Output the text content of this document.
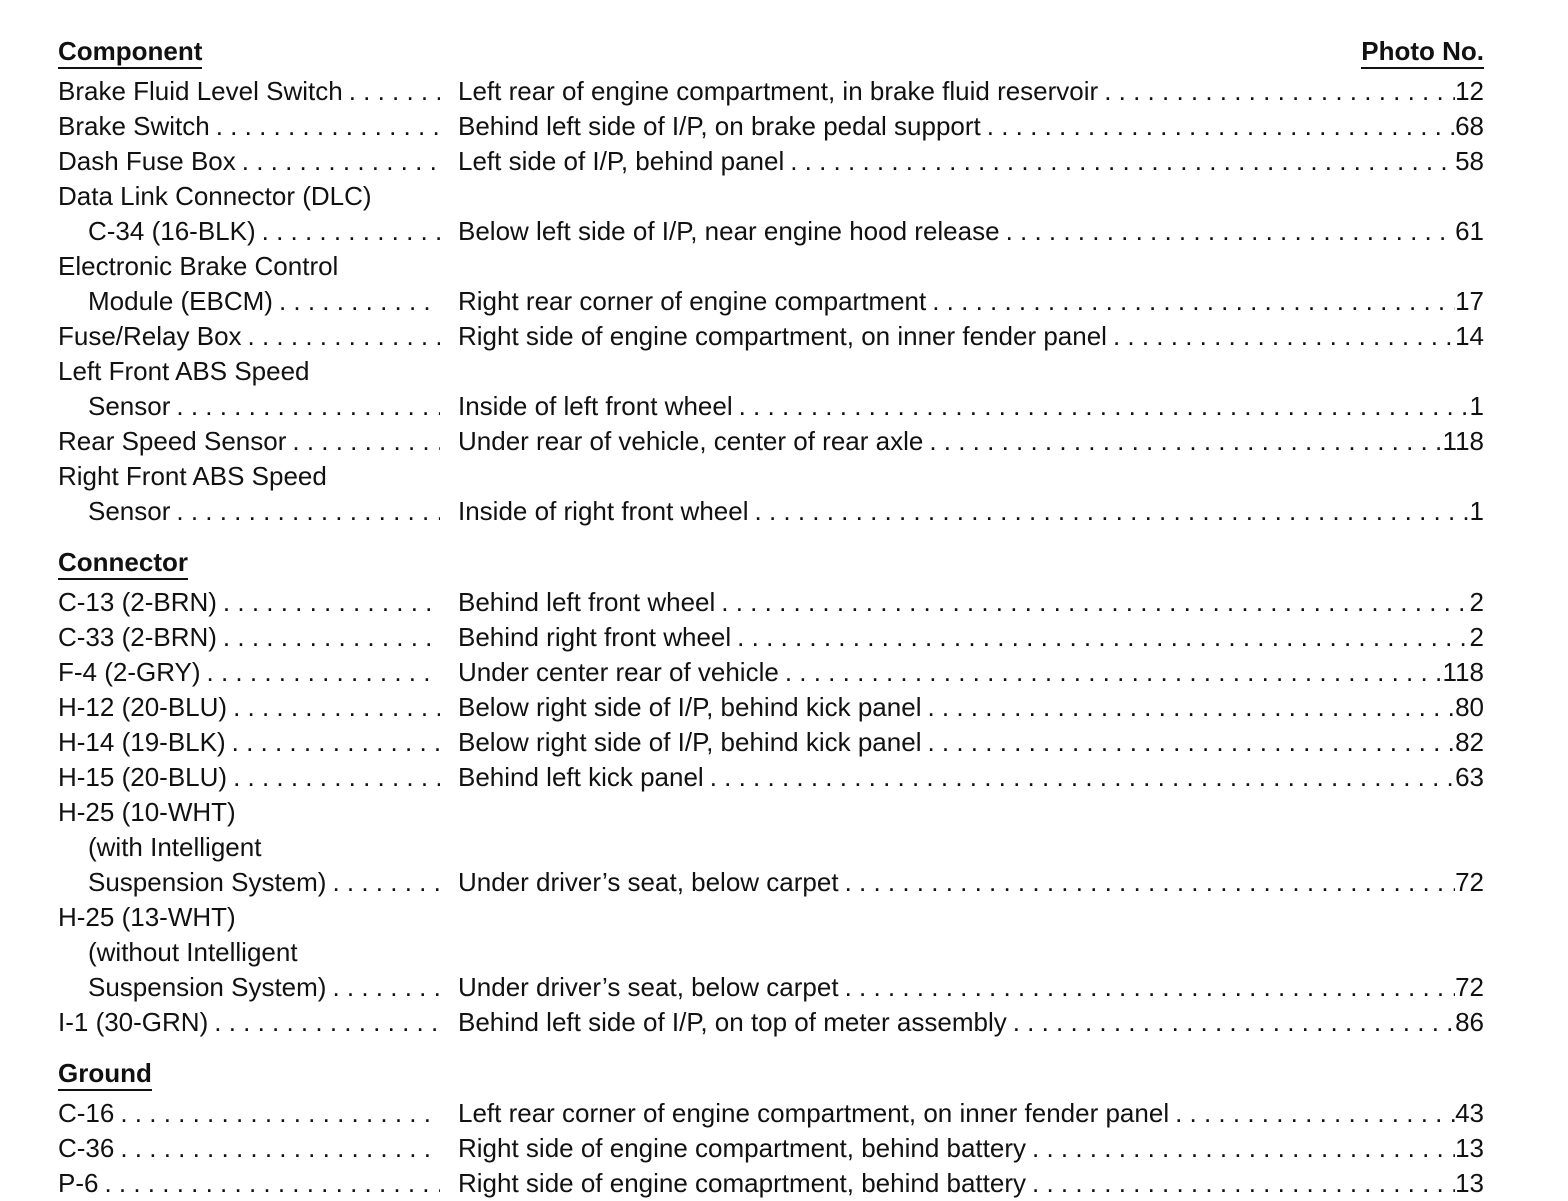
Component	Photo No.
Brake Fluid Level Switch . . .	Left rear of engine compartment, in brake fluid reservoir . . .	12
Brake Switch . . .	Behind left side of I/P, on brake pedal support . . .	68
Dash Fuse Box . . .	Left side of I/P, behind panel . . .	58
Data Link Connector (DLC)
C-34 (16-BLK) . . .	Below left side of I/P, near engine hood release . . .	61
Electronic Brake Control
Module (EBCM) . . .	Right rear corner of engine compartment . . .	17
Fuse/Relay Box . . .	Right side of engine compartment, on inner fender panel . . .	14
Left Front ABS Speed
Sensor . . .	Inside of left front wheel . . .	1
Rear Speed Sensor . . .	Under rear of vehicle, center of rear axle . . .	118
Right Front ABS Speed
Sensor . . .	Inside of right front wheel . . .	1
Connector
C-13 (2-BRN) . . .	Behind left front wheel . . .	2
C-33 (2-BRN) . . .	Behind right front wheel . . .	2
F-4 (2-GRY) . . .	Under center rear of vehicle . . .	118
H-12 (20-BLU) . . .	Below right side of I/P, behind kick panel . . .	80
H-14 (19-BLK) . . .	Below right side of I/P, behind kick panel . . .	82
H-15 (20-BLU) . . .	Behind left kick panel . . .	63
H-25 (10-WHT)
(with Intelligent
Suspension System) . . .	Under driver’s seat, below carpet . . .	72
H-25 (13-WHT)
(without Intelligent
Suspension System) . . .	Under driver’s seat, below carpet . . .	72
I-1 (30-GRN) . . .	Behind left side of I/P, on top of meter assembly . . .	86
Ground
C-16 . . .	Left rear corner of engine compartment, on inner fender panel . . .	43
C-36 . . .	Right side of engine compartment, behind battery . . .	13
P-6 . . .	Right side of engine comaprtment, behind battery . . .	13
